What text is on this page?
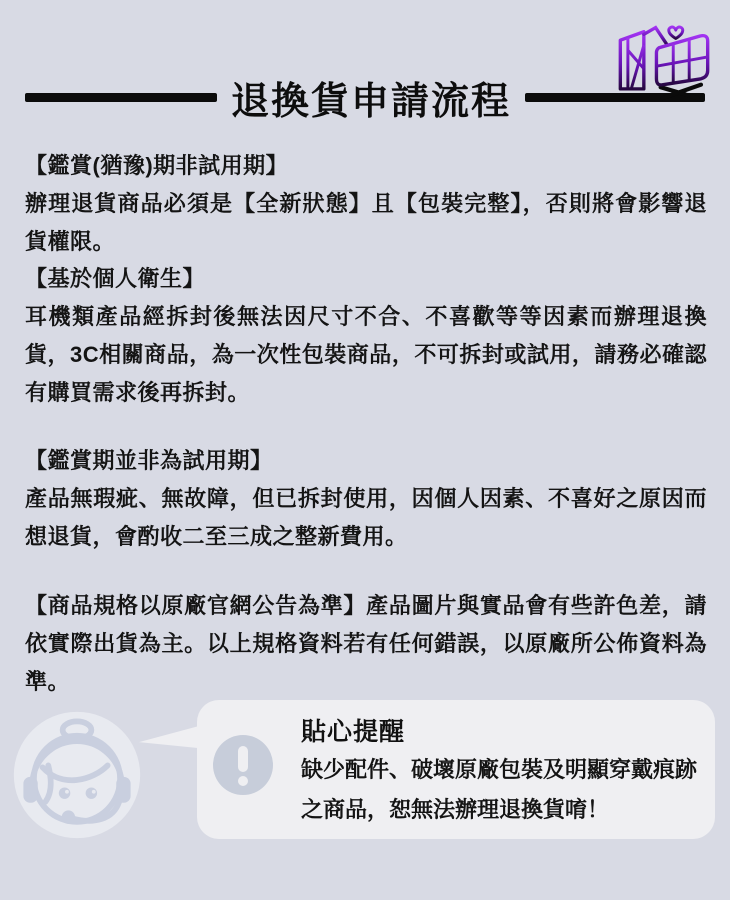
退換貨申請流程
【鑑賞(猶豫)期非試用期】
辦理退貨商品必須是【全新狀態】且【包裝完整】，否則將會影響退貨權限。
【基於個人衛生】
耳機類產品經拆封後無法因尺寸不合、不喜歡等等因素而辦理退換貨，3C相關商品，為一次性包裝商品，不可拆封或試用，請務必確認有購買需求後再拆封。
【鑑賞期並非為試用期】
產品無瑕疵、無故障，但已拆封使用，因個人因素、不喜好之原因而想退貨，會酌收二至三成之整新費用。
【商品規格以原廠官網公告為準】產品圖片與實品會有些許色差，請依實際出貨為主。以上規格資料若有任何錯誤，以原廠所公佈資料為準。
貼心提醒
缺少配件、破壞原廠包裝及明顯穿戴痕跡之商品，恕無法辦理退換貨唷！
